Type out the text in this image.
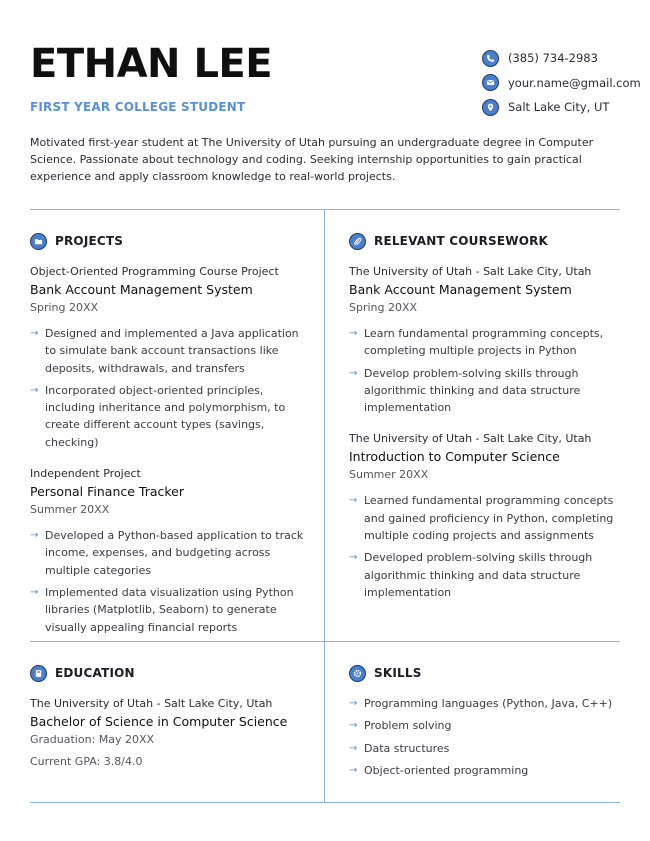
ETHAN LEE
FIRST YEAR COLLEGE STUDENT
(385) 734-2983
your.name@gmail.com
Salt Lake City, UT
Motivated first-year student at The University of Utah pursuing an undergraduate degree in Computer Science. Passionate about technology and coding. Seeking internship opportunities to gain practical experience and apply classroom knowledge to real-world projects.
PROJECTS
Object-Oriented Programming Course Project
Bank Account Management System
Spring 20XX
→ Designed and implemented a Java application to simulate bank account transactions like deposits, withdrawals, and transfers
→ Incorporated object-oriented principles, including inheritance and polymorphism, to create different account types (savings, checking)
Independent Project
Personal Finance Tracker
Summer 20XX
→ Developed a Python-based application to track income, expenses, and budgeting across multiple categories
→ Implemented data visualization using Python libraries (Matplotlib, Seaborn) to generate visually appealing financial reports
RELEVANT COURSEWORK
The University of Utah - Salt Lake City, Utah
Bank Account Management System
Spring 20XX
→ Learn fundamental programming concepts, completing multiple projects in Python
→ Develop problem-solving skills through algorithmic thinking and data structure implementation
The University of Utah - Salt Lake City, Utah
Introduction to Computer Science
Summer 20XX
→ Learned fundamental programming concepts and gained proficiency in Python, completing multiple coding projects and assignments
→ Developed problem-solving skills through algorithmic thinking and data structure implementation
EDUCATION
The University of Utah - Salt Lake City, Utah
Bachelor of Science in Computer Science
Graduation: May 20XX
Current GPA: 3.8/4.0
SKILLS
→ Programming languages (Python, Java, C++)
→ Problem solving
→ Data structures
→ Object-oriented programming
